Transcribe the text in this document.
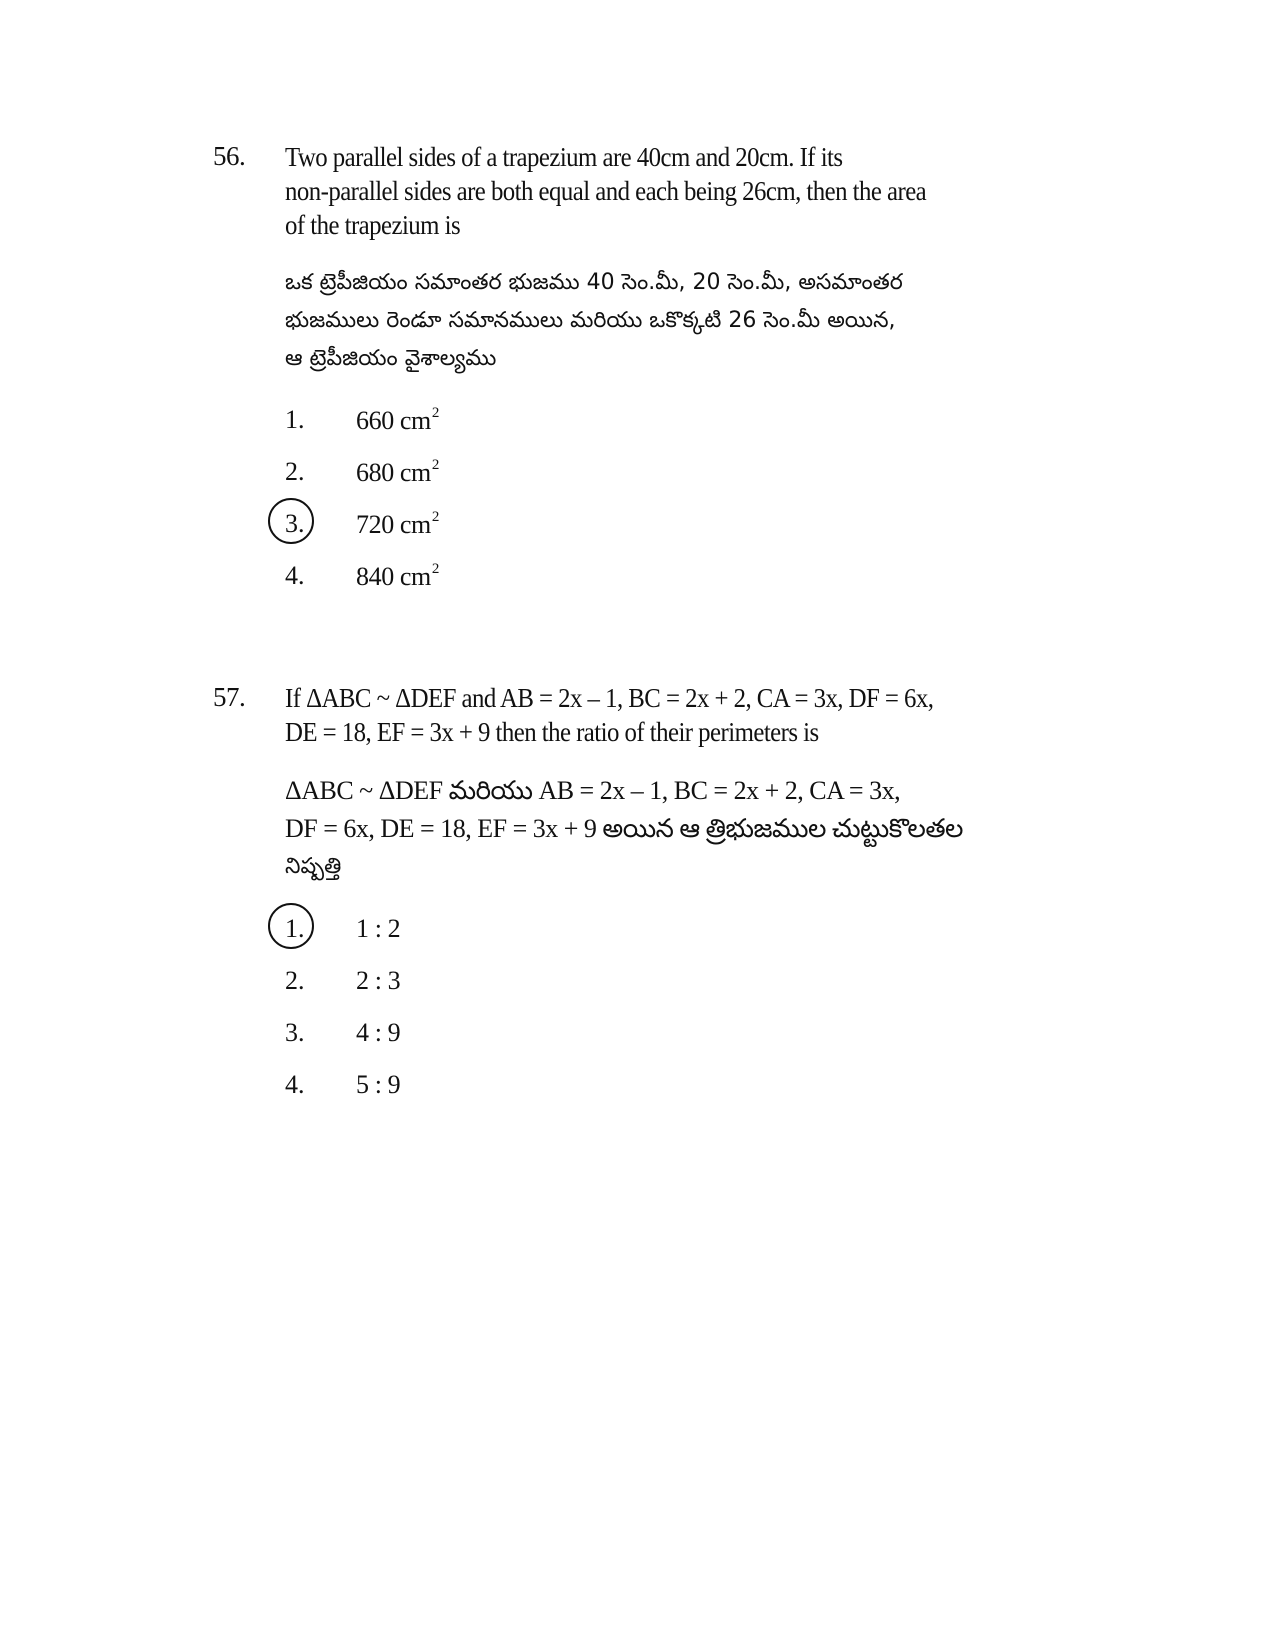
56. Two parallel sides of a trapezium are 40cm and 20cm. If its
non-parallel sides are both equal and each being 26cm, then the area
of the trapezium is
ఒక ట్రెపీజియం సమాంతర భుజము 40 సెం.మీ, 20 సెం.మీ, అసమాంతర
భుజములు రెండూ సమానములు మరియు ఒకొక్కటి 26 సెం.మీ అయిన,
ఆ ట్రెపీజియం వైశాల్యము
1.	660 $cm^2$
2.	680 $cm^2$
3.	720 $cm^2$
4.	840 $cm^2$
57. If ΔABC ~ ΔDEF and AB = 2x – 1, BC = 2x + 2, CA = 3x, DF = 6x,
DE = 18, EF = 3x + 9 then the ratio of their perimeters is
ΔABC ~ ΔDEF మరియు AB = 2x – 1, BC = 2x + 2, CA = 3x,
DF = 6x, DE = 18, EF = 3x + 9 అయిన ఆ త్రిభుజముల చుట్టుకొలతల
నిష్పత్తి
1.	1 : 2
2.	2 : 3
3.	4 : 9
4.	5 : 9
